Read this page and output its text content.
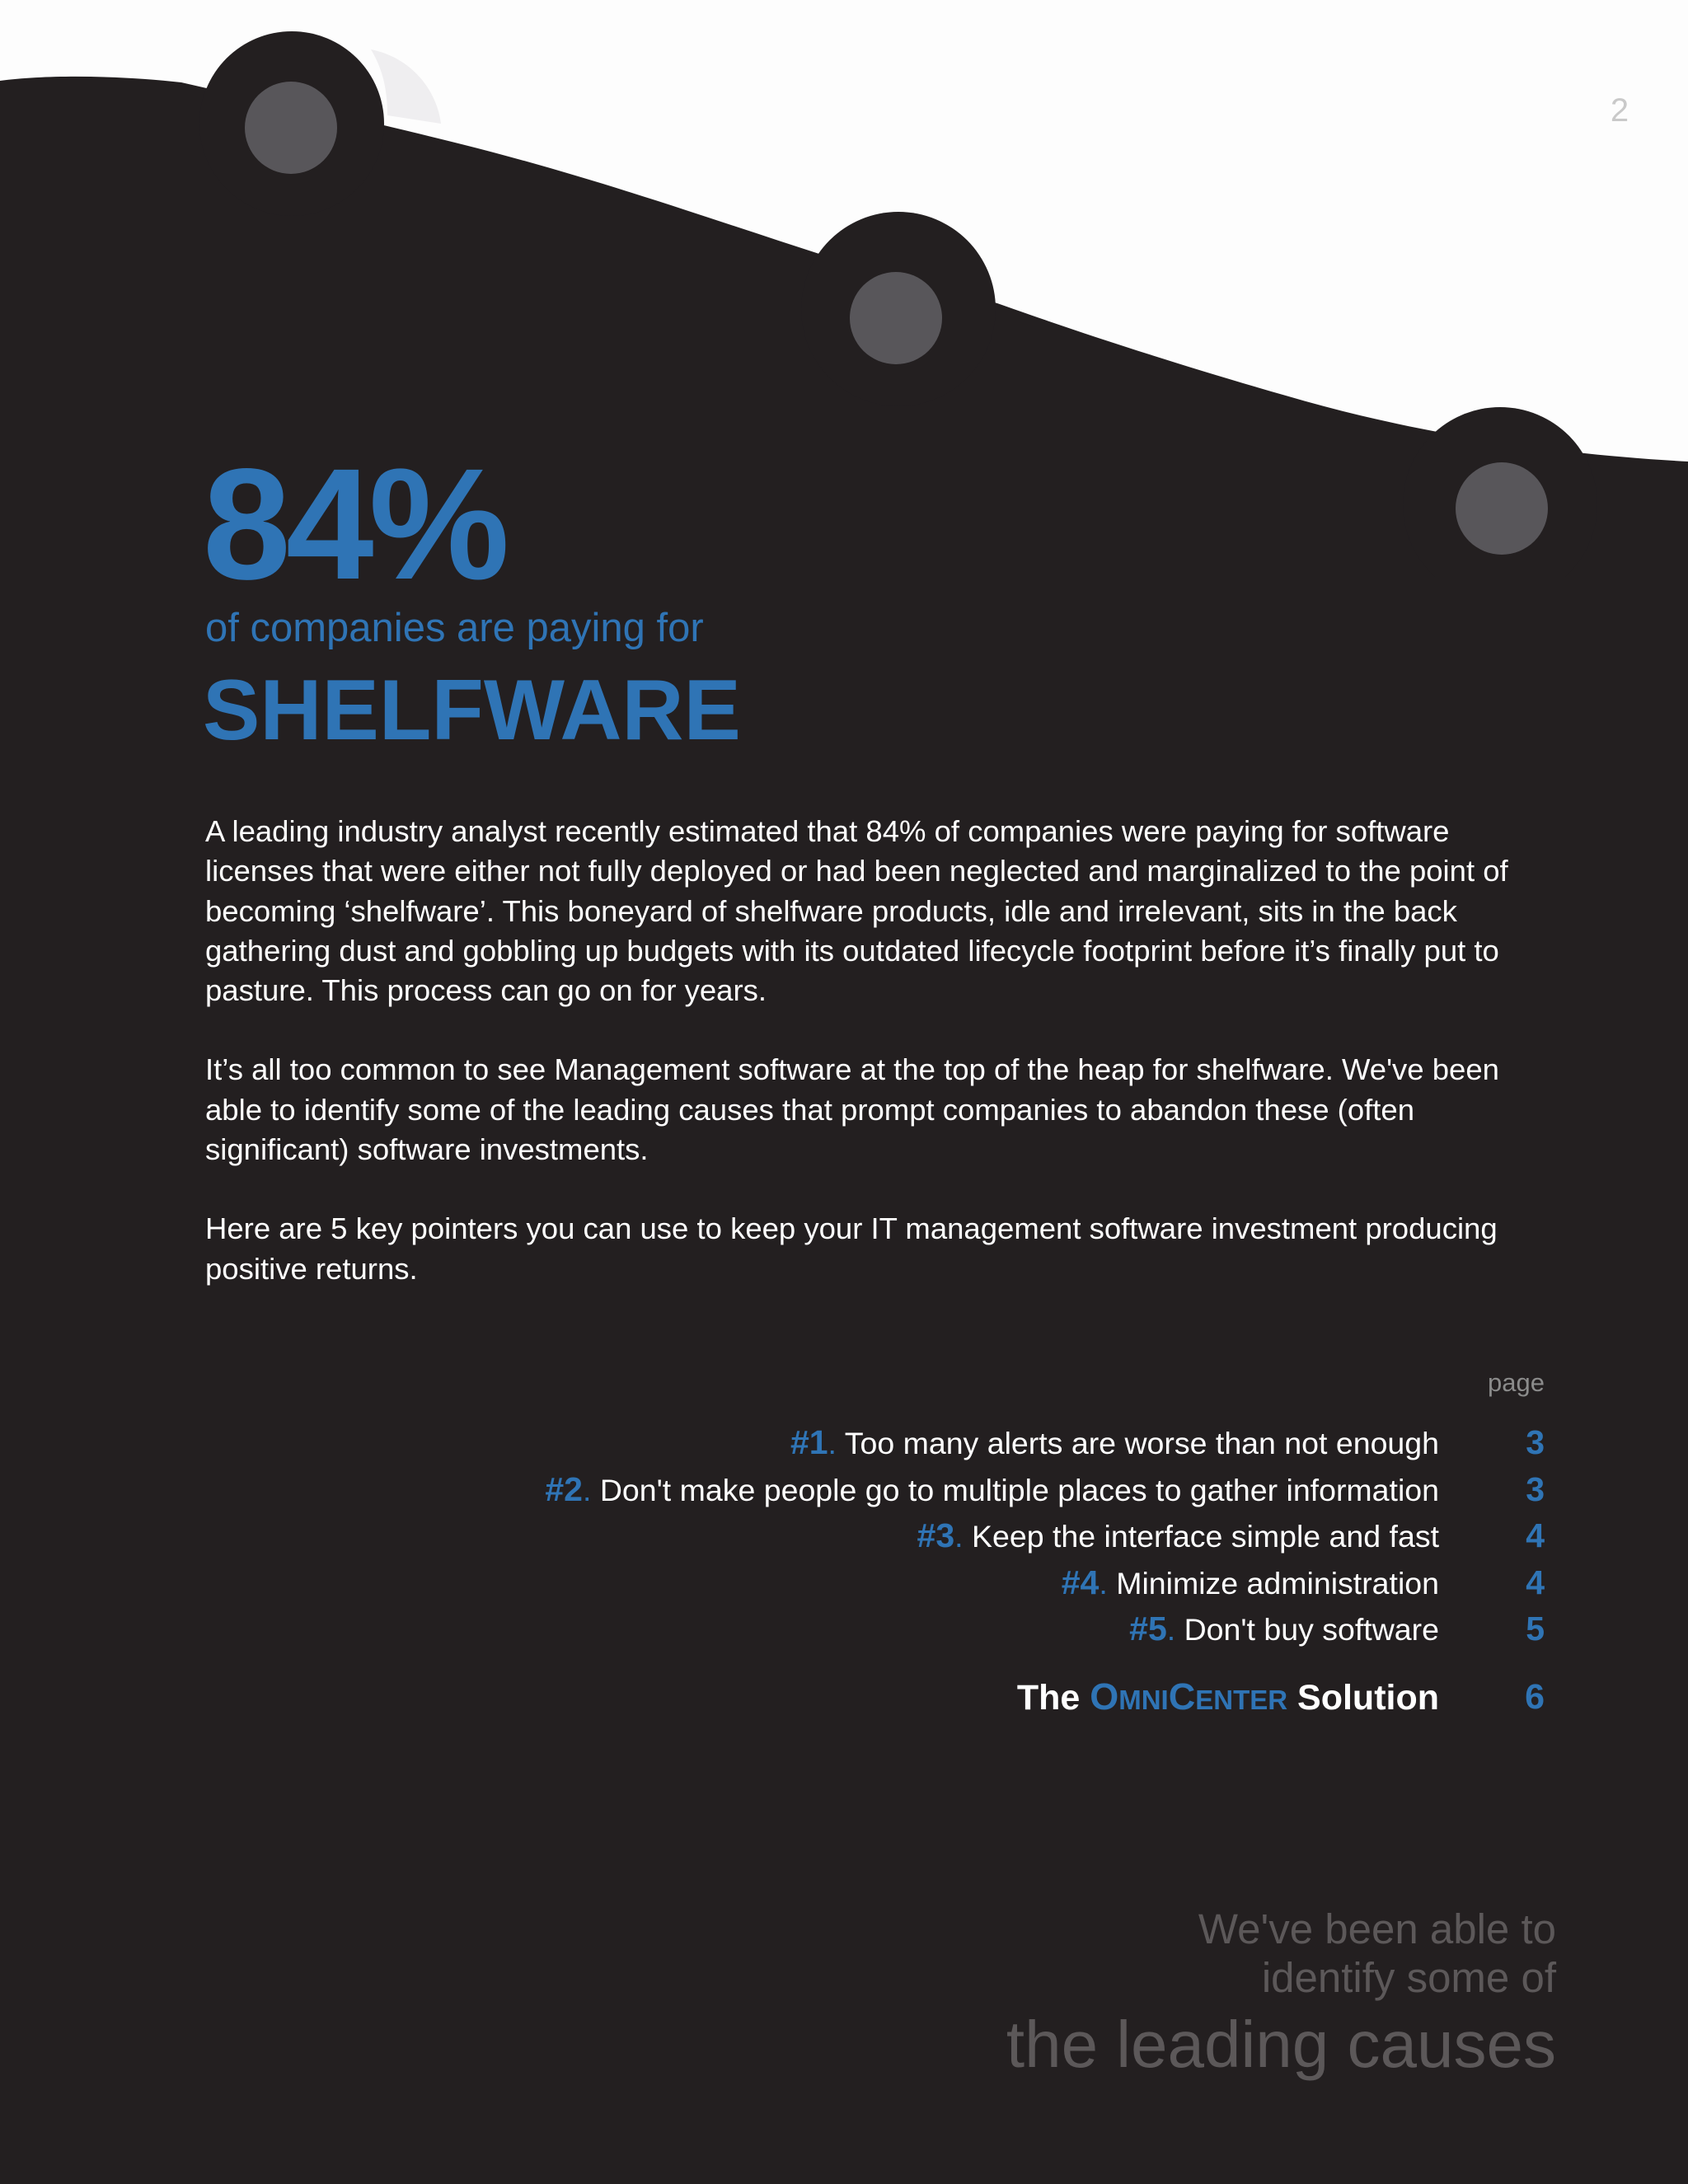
2
84%
of companies are paying for
SHELFWARE

A leading industry analyst recently estimated that 84% of companies were paying for software licenses that were either not fully deployed or had been neglected and marginalized to the point of becoming ‘shelfware’. This boneyard of shelfware products, idle and irrelevant, sits in the back gathering dust and gobbling up budgets with its outdated lifecycle footprint before it’s finally put to pasture. This process can go on for years.

It’s all too common to see Management software at the top of the heap for shelfware. We've been able to identify some of the leading causes that prompt companies to abandon these (often significant) software investments.

Here are 5 key pointers you can use to keep your IT management software investment producing positive returns.

page
#1. Too many alerts are worse than not enough	3
#2. Don't make people go to multiple places to gather information	3
#3. Keep the interface simple and fast	4
#4. Minimize administration	4
#5. Don't buy software	5
The OMNICENTER Solution 6
We've been able to
identify some of
the leading causes
